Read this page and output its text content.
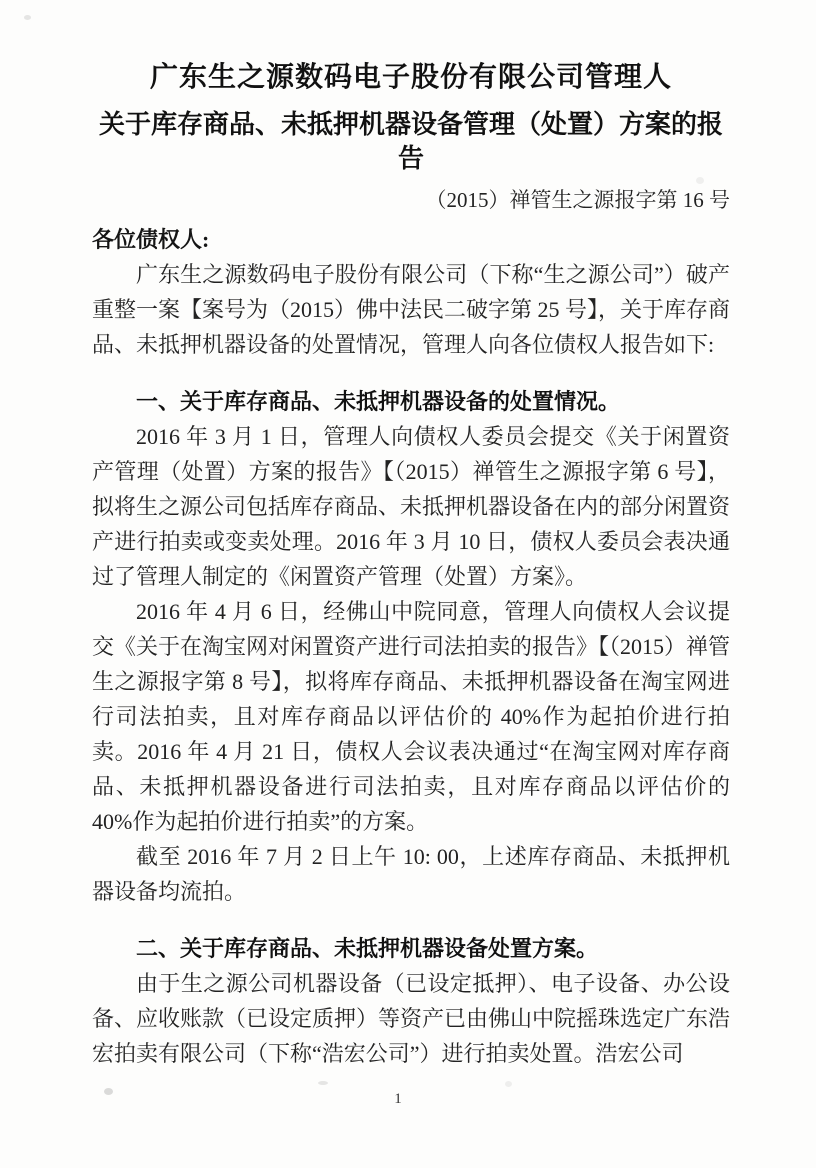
广东生之源数码电子股份有限公司管理人
关于库存商品、未抵押机器设备管理（处置）方案的报告
（2015）禅管生之源报字第 16 号
各位债权人:

广东生之源数码电子股份有限公司（下称“生之源公司”）破产重整一案【案号为（2015）佛中法民二破字第 25 号】，关于库存商品、未抵押机器设备的处置情况，管理人向各位债权人报告如下:

一、关于库存商品、未抵押机器设备的处置情况。

2016 年 3 月 1 日，管理人向债权人委员会提交《关于闲置资产管理（处置）方案的报告》【（2015）禅管生之源报字第 6 号】，拟将生之源公司包括库存商品、未抵押机器设备在内的部分闲置资产进行拍卖或变卖处理。2016 年 3 月 10 日，债权人委员会表决通过了管理人制定的《闲置资产管理（处置）方案》。

2016 年 4 月 6 日，经佛山中院同意，管理人向债权人会议提交《关于在淘宝网对闲置资产进行司法拍卖的报告》【（2015）禅管生之源报字第 8 号】，拟将库存商品、未抵押机器设备在淘宝网进行司法拍卖，且对库存商品以评估价的 40%作为起拍价进行拍卖。2016 年 4 月 21 日，债权人会议表决通过“在淘宝网对库存商品、未抵押机器设备进行司法拍卖，且对库存商品以评估价的 40%作为起拍价进行拍卖”的方案。

截至 2016 年 7 月 2 日上午 10: 00，上述库存商品、未抵押机器设备均流拍。

二、关于库存商品、未抵押机器设备处置方案。

由于生之源公司机器设备（已设定抵押）、电子设备、办公设备、应收账款（已设定质押）等资产已由佛山中院摇珠选定广东浩宏拍卖有限公司（下称“浩宏公司”）进行拍卖处置。浩宏公司

1
